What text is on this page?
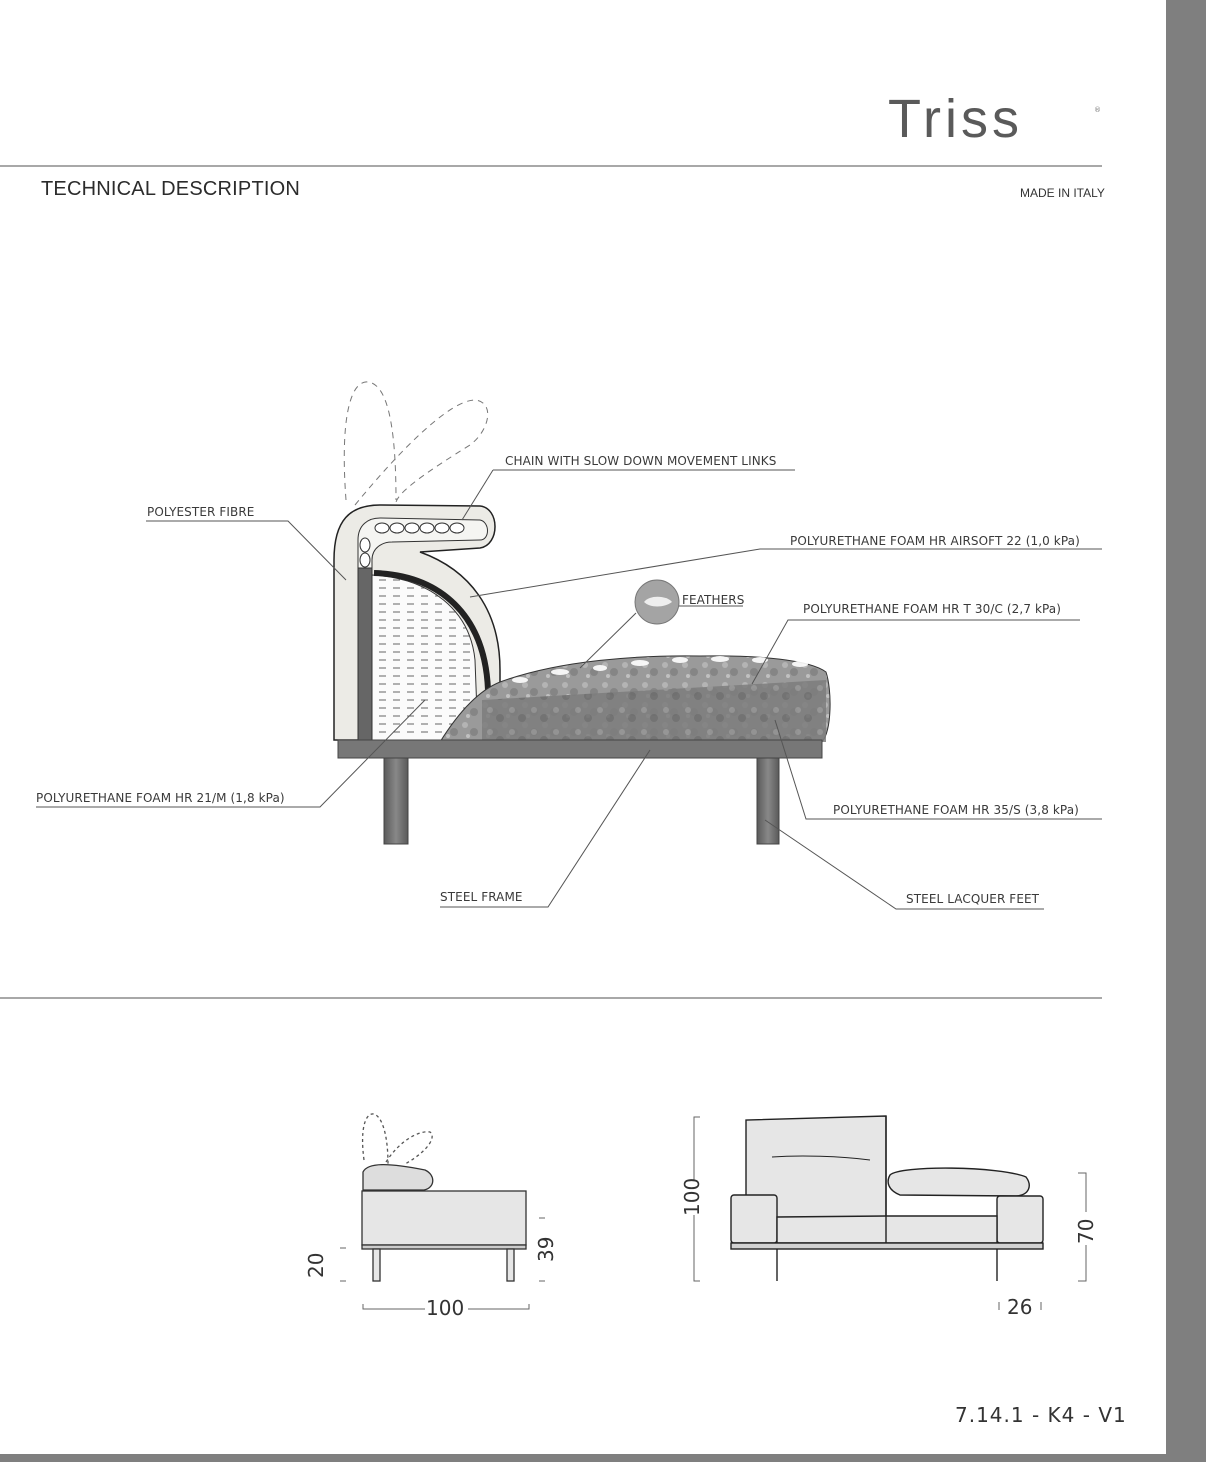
Triss	®
TECHNICAL DESCRIPTION	MADE IN ITALY
CHAIN WITH SLOW DOWN MOVEMENT LINKS
POLYESTER FIBRE
POLYURETHANE FOAM HR AIRSOFT 22 (1,0 kPa)
FEATHERS
POLYURETHANE FOAM HR T 30/C (2,7 kPa)
POLYURETHANE FOAM HR 21/M (1,8 kPa)
POLYURETHANE FOAM HR 35/S (3,8 kPa)
STEEL FRAME	STEEL LACQUER FEET
20
39
100
100
70
26
7.14.1 - K4 - V1
